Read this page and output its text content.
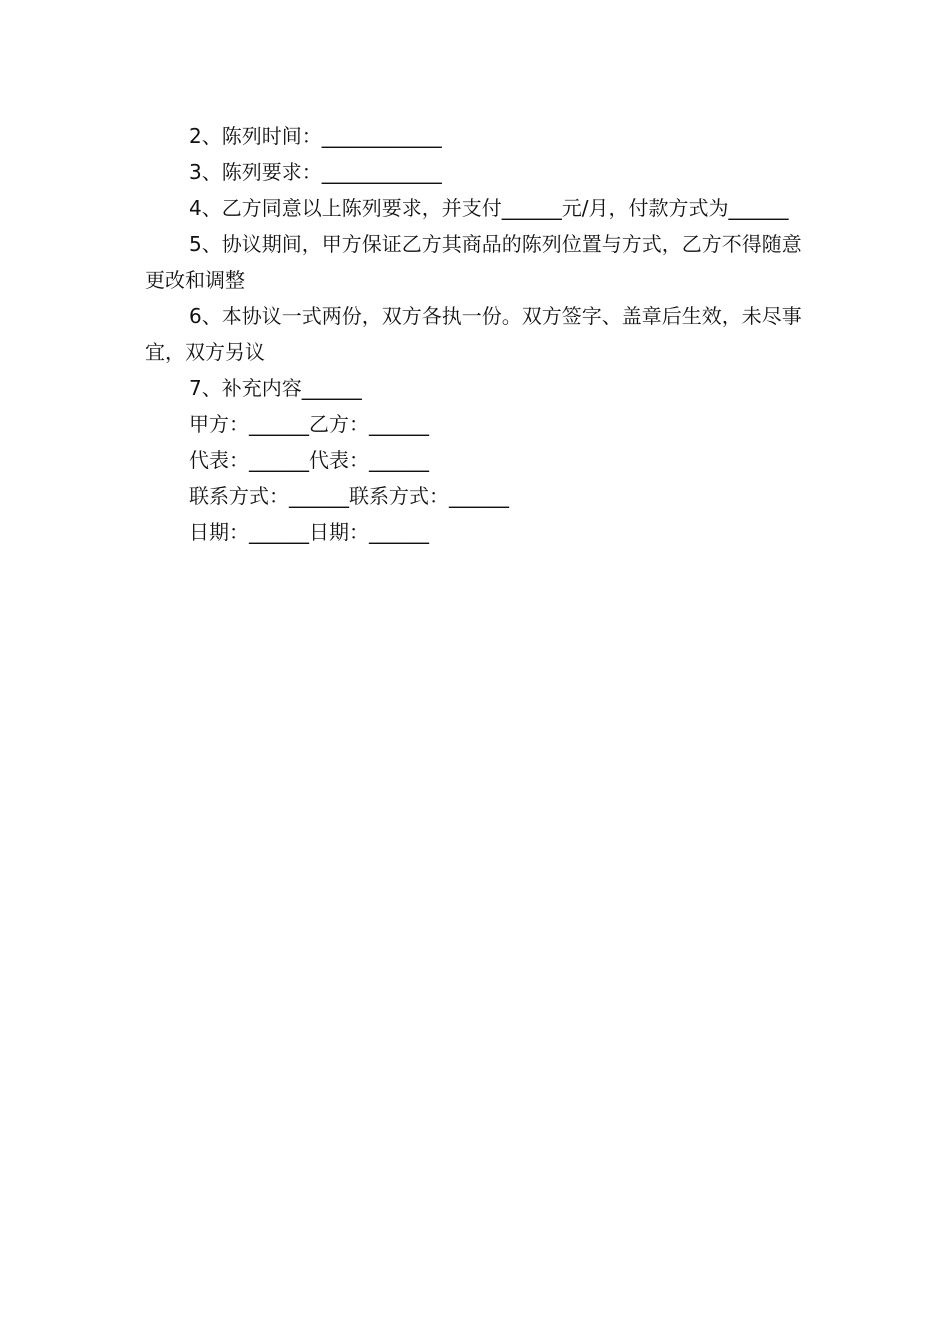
2、陈列时间：____________

3、陈列要求：____________

4、乙方同意以上陈列要求，并支付______元/月，付款方式为______

5、协议期间，甲方保证乙方其商品的陈列位置与方式，乙方不得随意更改和调整

6、本协议一式两份，双方各执一份。双方签字、盖章后生效，未尽事宜，双方另议

7、补充内容______

甲方：______乙方：______

代表：______代表：______

联系方式：______联系方式：______

日期：______日期：______
